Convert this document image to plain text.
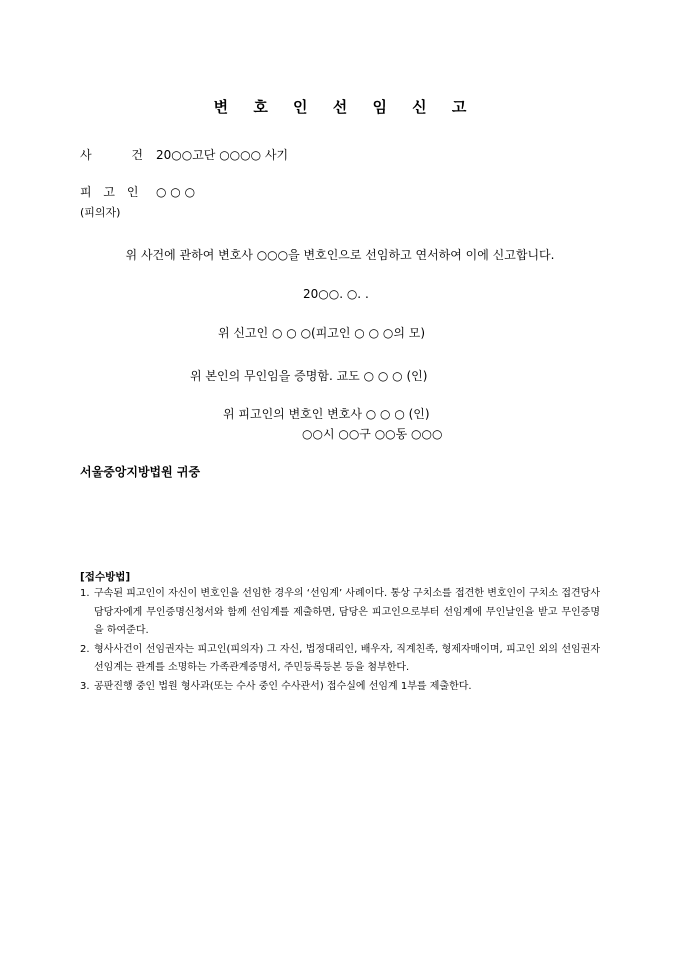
변 호 인 선 임 신 고
사 건20○○고단 ○○○○ 사기
피 고 인 ○ ○ ○
(피의자)
위 사건에 관하여 변호사 ○○○을 변호인으로 선임하고 연서하여 이에 신고합니다.
20○○. ○. .
위 신고인 ○ ○ ○(피고인 ○ ○ ○의 모)
위 본인의 무인임을 증명함. 교도 ○ ○ ○ (인)
위 피고인의 변호인 변호사 ○ ○ ○ (인)
○○시 ○○구 ○○동 ○○○
서울중앙지방법원 귀중
[접수방법]
1. 구속된 피고인이 자신이 변호인을 선임한 경우의 ‘선임계’ 사례이다. 통상 구치소를 접견한 변호인이 구치소 접견당사담당자에게 무인증명신청서와 함께 선임계를 제출하면, 담당은 피고인으로부터 선임계에 무인날인을 받고 무인증명을 하여준다.
2. 형사사건이 선임권자는 피고인(피의자) 그 자신, 법정대리인, 배우자, 직계친족, 형제자매이며, 피고인 외의 선임권자 선임계는 관계를 소명하는 가족관계증명서, 주민등록등본 등을 첨부한다.
3. 공판진행 중인 법원 형사과(또는 수사 중인 수사관서) 접수실에 선임계 1부를 제출한다.
